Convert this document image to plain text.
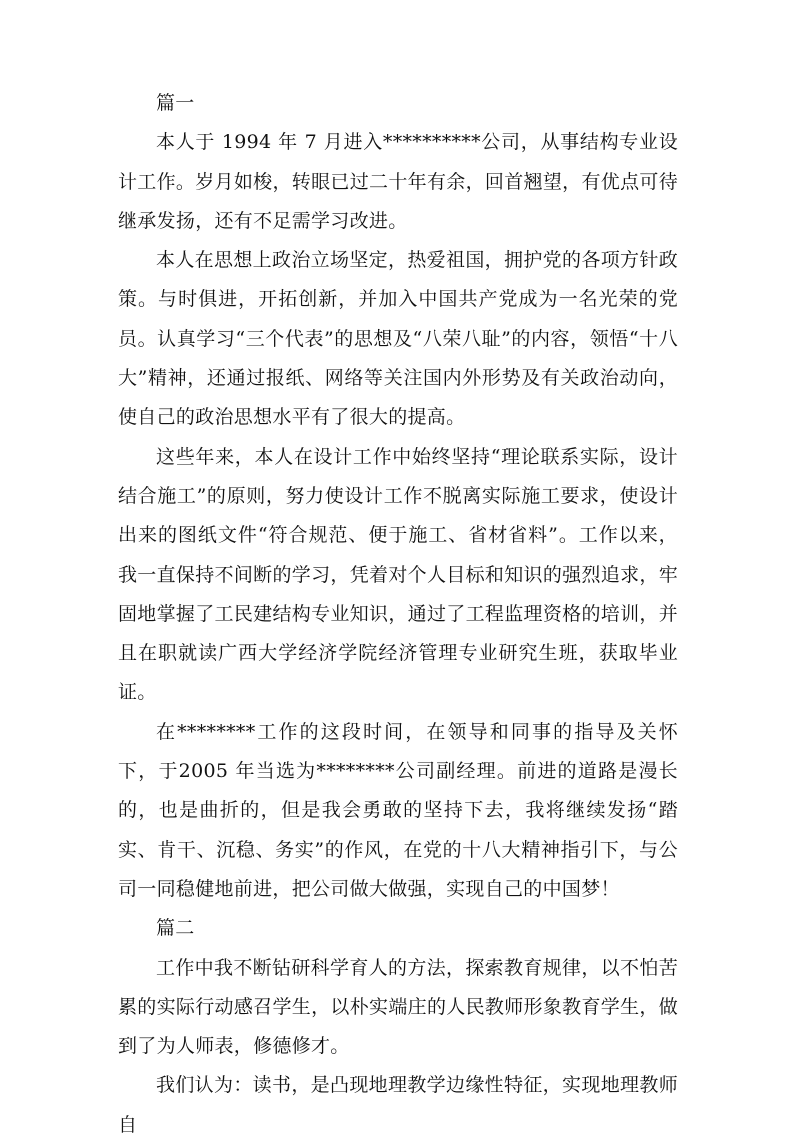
篇一

本人于 1994 年 7 月进入**********公司，从事结构专业设计工作。岁月如梭，转眼已过二十年有余，回首翘望，有优点可待继承发扬，还有不足需学习改进。

本人在思想上政治立场坚定，热爱祖国，拥护党的各项方针政策。与时俱进，开拓创新，并加入中国共产党成为一名光荣的党员。认真学习“三个代表”的思想及“八荣八耻”的内容，领悟“十八大”精神，还通过报纸、网络等关注国内外形势及有关政治动向，使自己的政治思想水平有了很大的提高。

这些年来，本人在设计工作中始终坚持“理论联系实际，设计结合施工”的原则，努力使设计工作不脱离实际施工要求，使设计出来的图纸文件“符合规范、便于施工、省材省料”。工作以来，我一直保持不间断的学习，凭着对个人目标和知识的强烈追求，牢固地掌握了工民建结构专业知识，通过了工程监理资格的培训，并且在职就读广西大学经济学院经济管理专业研究生班，获取毕业证。

在********工作的这段时间，在领导和同事的指导及关怀下，于2005 年当选为********公司副经理。前进的道路是漫长的，也是曲折的，但是我会勇敢的坚持下去，我将继续发扬“踏实、肯干、沉稳、务实”的作风，在党的十八大精神指引下，与公司一同稳健地前进，把公司做大做强，实现自己的中国梦！

篇二

工作中我不断钻研科学育人的方法，探索教育规律，以不怕苦累的实际行动感召学生，以朴实端庄的人民教师形象教育学生，做到了为人师表，修德修才。

我们认为：读书，是凸现地理教学边缘性特征，实现地理教师自
